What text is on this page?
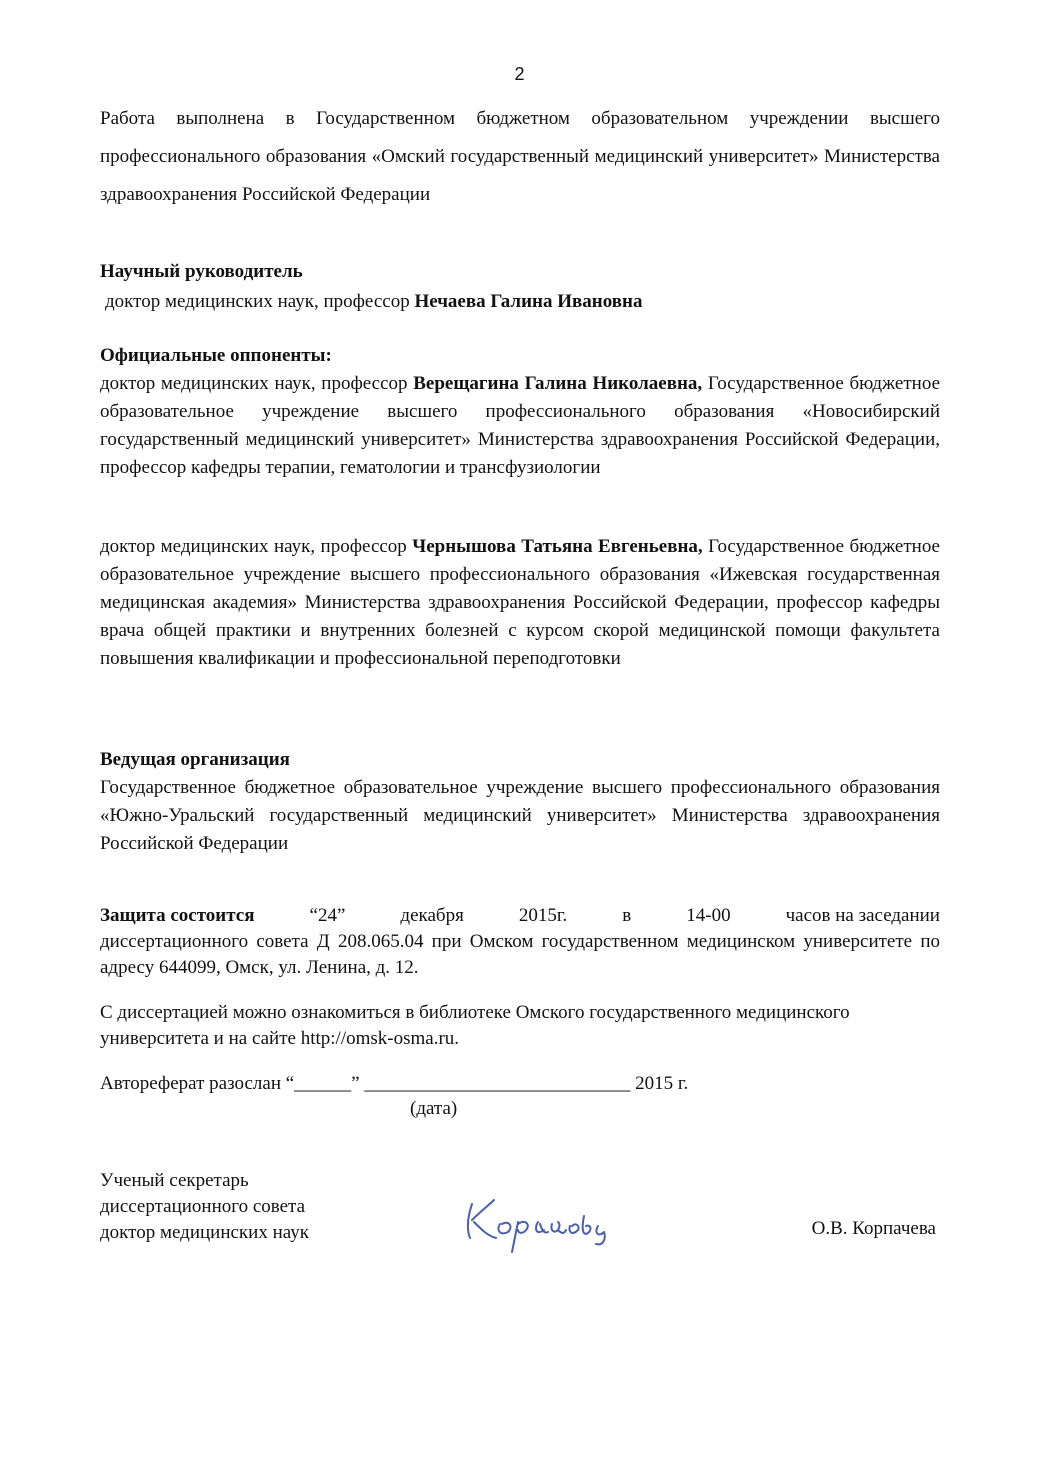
2
Работа выполнена в Государственном бюджетном образовательном учреждении высшего профессионального образования «Омский государственный медицинский университет» Министерства здравоохранения Российской Федерации
Научный руководитель
доктор медицинских наук, профессор Нечаева Галина Ивановна
Официальные оппоненты:
доктор медицинских наук, профессор Верещагина Галина Николаевна, Государственное бюджетное образовательное учреждение высшего профессионального образования «Новосибирский государственный медицинский университет» Министерства здравоохранения Российской Федерации, профессор кафедры терапии, гематологии и трансфузиологии
доктор медицинских наук, профессор Чернышова Татьяна Евгеньевна, Государственное бюджетное образовательное учреждение высшего профессионального образования «Ижевская государственная медицинская академия» Министерства здравоохранения Российской Федерации, профессор кафедры врача общей практики и внутренних болезней с курсом скорой медицинской помощи факультета повышения квалификации и профессиональной переподготовки
Ведущая организация
Государственное бюджетное образовательное учреждение высшего профессионального образования «Южно-Уральский государственный медицинский университет» Министерства здравоохранения Российской Федерации
Защита состоится	“24”	декабря	2015г.	в	14-00	часов на заседании
диссертационного совета Д 208.065.04 при Омском государственном медицинском университете по адресу 644099, Омск, ул. Ленина, д. 12.
С диссертацией можно ознакомиться в библиотеке Омского государственного медицинского университета и на сайте http://omsk-osma.ru.
Автореферат разослан “______” ____________________________ 2015 г.
(дата)
Ученый секретарь
диссертационного совета
доктор медицинских наук	О.В. Корпачева
